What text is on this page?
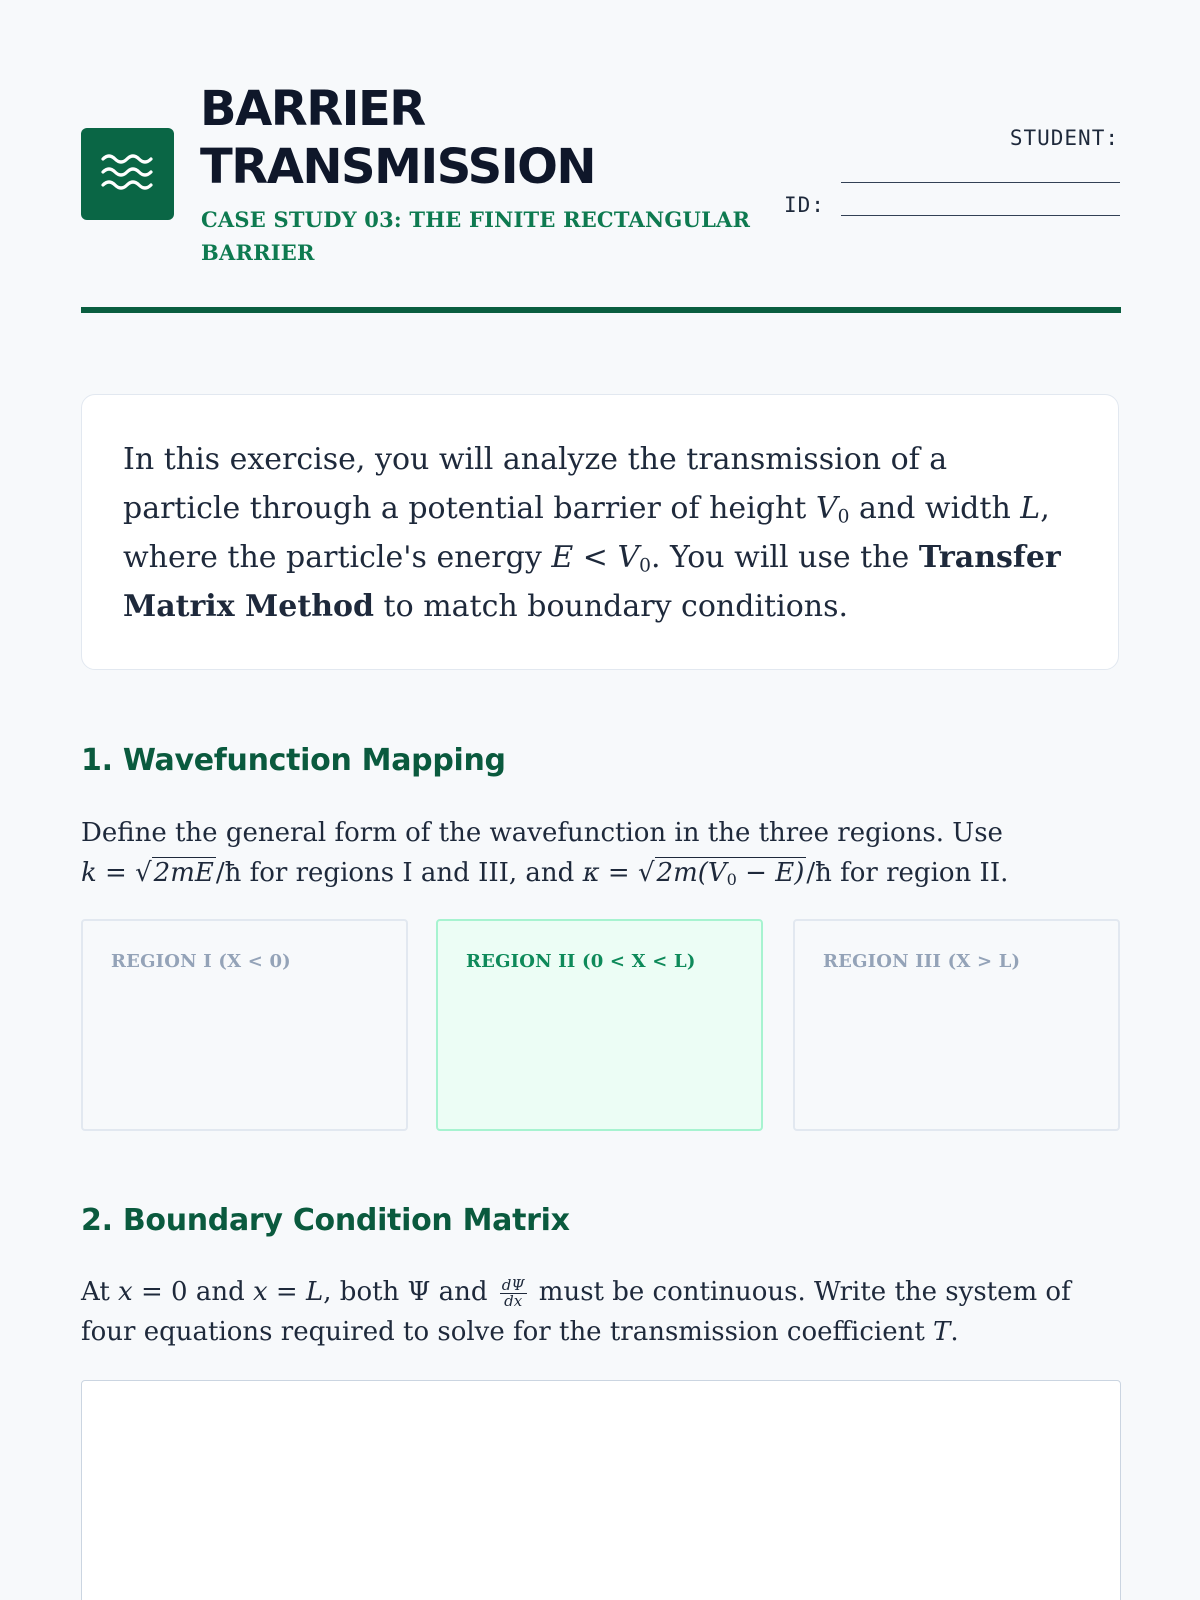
BARRIER
TRANSMISSION
CASE STUDY 03: THE FINITE RECTANGULAR BARRIER
STUDENT:
ID:

In this exercise, you will analyze the transmission of a particle through a potential barrier of height $V_0$ and width L, where the particle's energy $E < V_0$. You will use the Transfer Matrix Method to match boundary conditions.

1. Wavefunction Mapping

Define the general form of the wavefunction in the three regions. Use
k = √2mE/ħ for regions I and III, and $\kappa = √2m(V_0$ − E)/ħ for region II.

REGION I (X < 0)	REGION II (0 < X < L)	REGION III (X > L)
2. Boundary Condition Matrix

At x = 0 and x = L, both Ψ and $\frac{d\Psi}{dx}$ must be continuous. Write the system of four equations required to solve for the transmission coefficient T.
